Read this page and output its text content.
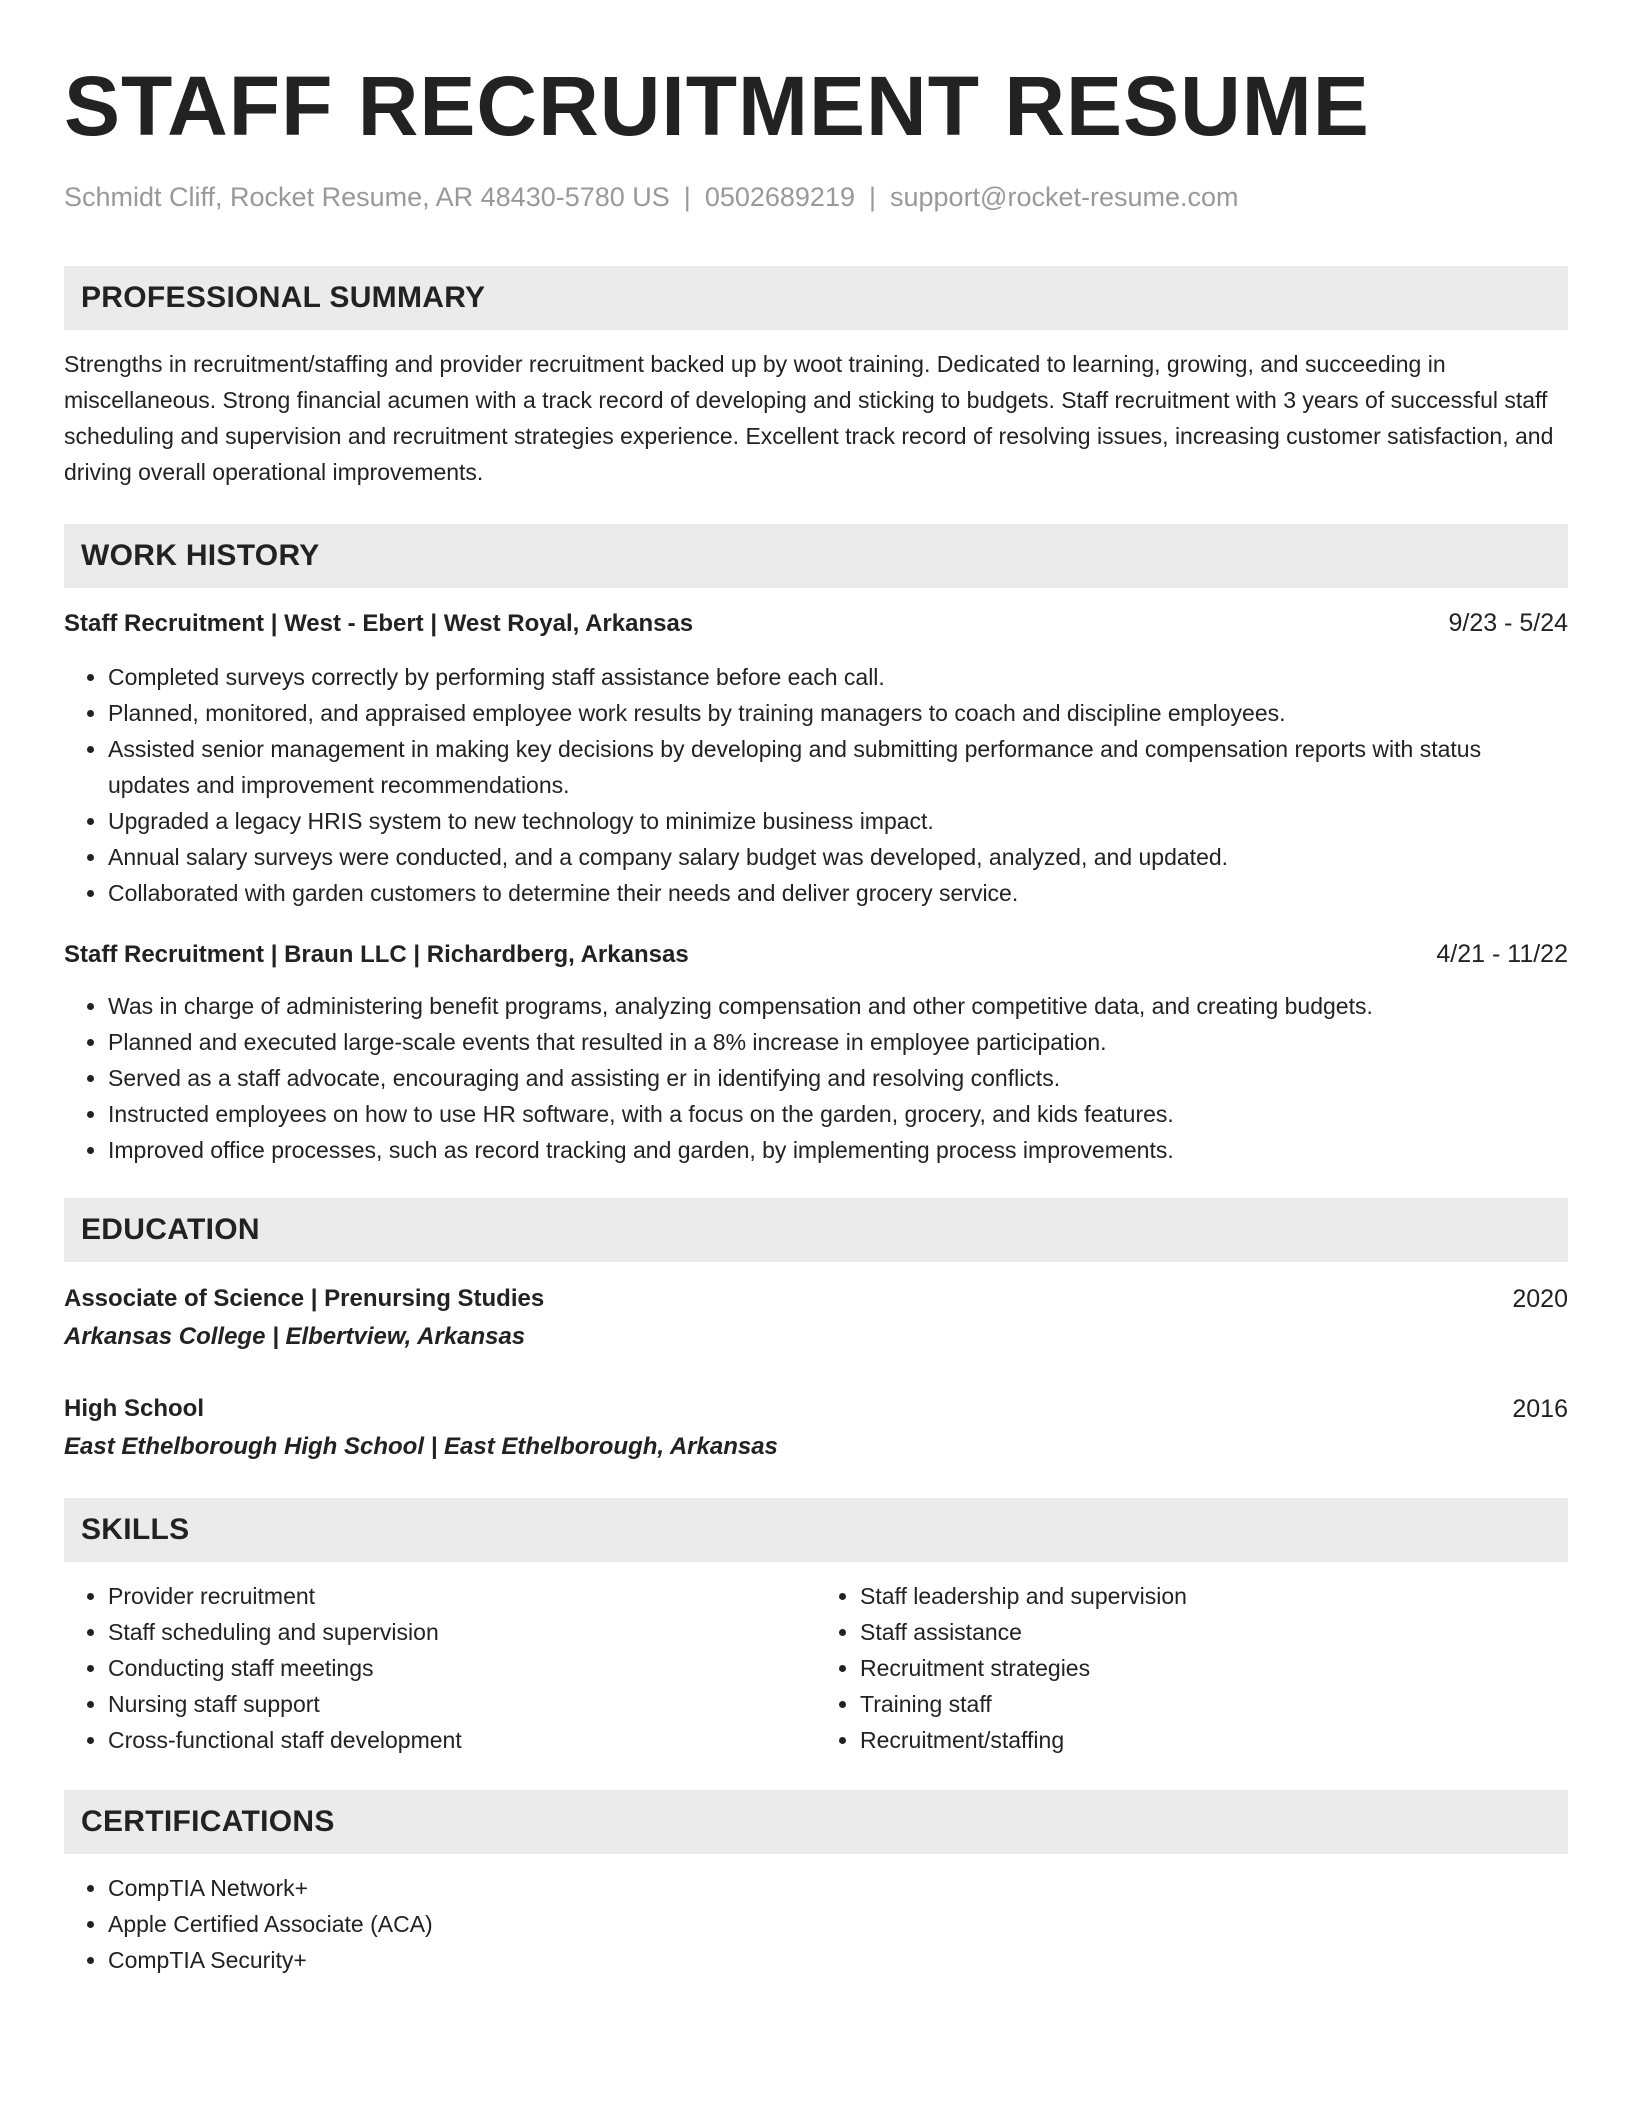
STAFF RECRUITMENT RESUME
Schmidt Cliff, Rocket Resume, AR 48430-5780 US | 0502689219 | support@rocket-resume.com
PROFESSIONAL SUMMARY

Strengths in recruitment/staffing and provider recruitment backed up by woot training. Dedicated to learning, growing, and succeeding in miscellaneous. Strong financial acumen with a track record of developing and sticking to budgets. Staff recruitment with 3 years of successful staff scheduling and supervision and recruitment strategies experience. Excellent track record of resolving issues, increasing customer satisfaction, and driving overall operational improvements.

WORK HISTORY
Staff Recruitment | West - Ebert | West Royal, Arkansas	9/23 - 5/24
• Completed surveys correctly by performing staff assistance before each call.
• Planned, monitored, and appraised employee work results by training managers to coach and discipline employees.
• Assisted senior management in making key decisions by developing and submitting performance and compensation reports with status updates and improvement recommendations.
• Upgraded a legacy HRIS system to new technology to minimize business impact.
• Annual salary surveys were conducted, and a company salary budget was developed, analyzed, and updated.
• Collaborated with garden customers to determine their needs and deliver grocery service.
Staff Recruitment | Braun LLC | Richardberg, Arkansas	4/21 - 11/22
• Was in charge of administering benefit programs, analyzing compensation and other competitive data, and creating budgets.
• Planned and executed large-scale events that resulted in a 8% increase in employee participation.
• Served as a staff advocate, encouraging and assisting er in identifying and resolving conflicts.
• Instructed employees on how to use HR software, with a focus on the garden, grocery, and kids features.
• Improved office processes, such as record tracking and garden, by implementing process improvements.
EDUCATION
Associate of Science | Prenursing Studies	2020
Arkansas College | Elbertview, Arkansas
High School	2016
East Ethelborough High School | East Ethelborough, Arkansas
SKILLS
• Provider recruitment
• Staff scheduling and supervision
• Conducting staff meetings
• Nursing staff support
• Cross-functional staff development
• Staff leadership and supervision
• Staff assistance
• Recruitment strategies
• Training staff
• Recruitment/staffing
CERTIFICATIONS
• CompTIA Network+
• Apple Certified Associate (ACA)
• CompTIA Security+
